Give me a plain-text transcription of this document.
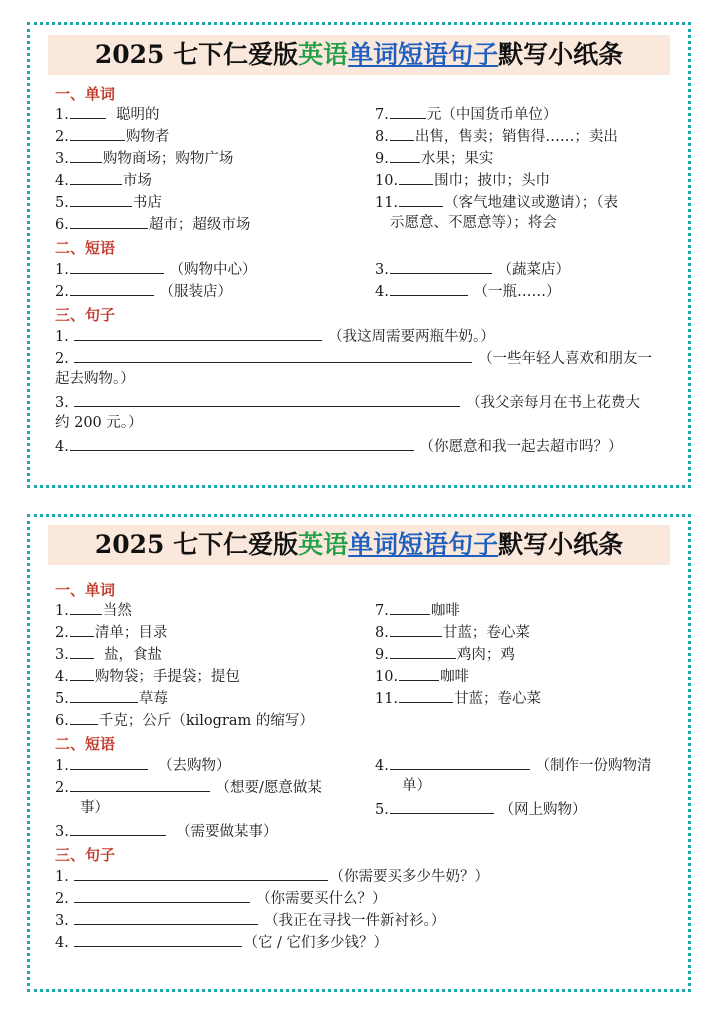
2025 七下仁爱版英语单词短语句子默写小纸条
一、单词
1.	聪明的
2.	购物者
3. 购物商场；购物广场
4.	市场
5.	书店
6.	超市；超级市场
7.	元（中国货币单位）
8. 出售，售卖；销售得……；卖出
9. 水果；果实
10. 围巾；披巾；头巾
11.	（客气地建议或邀请）；（表
示愿意、不愿意等）；将会
二、短语
1.	（购物中心）
2.	（服装店）
3.	（蔬菜店）
4.	（一瓶……）
三、句子
1.	（我这周需要两瓶牛奶。）
2.	（一些年轻人喜欢和朋友一
起去购物。）
3.	（我父亲每月在书上花费大
约 200 元。）
4.	（你愿意和我一起去超市吗？）
2025 七下仁爱版英语单词短语句子默写小纸条
一、单词
1. 当然
2. 清单；目录
3. 盐，食盐
4. 购物袋；手提袋；提包
5.	草莓
6. 千克；公斤（kilogram 的缩写）
7.	咖啡
8.	甘蓝；卷心菜
9.	鸡肉；鸡
10.	咖啡
11.	甘蓝；卷心菜
二、短语
1.	（去购物）
2.	（想要/愿意做某
事）
3.	（需要做某事）
4.	（制作一份购物清
单）
5.	（网上购物）
三、句子
1.	（你需要买多少牛奶？）
2.	（你需要买什么？）
3.	（我正在寻找一件新衬衫。）
4.	（它 / 它们多少钱？）
